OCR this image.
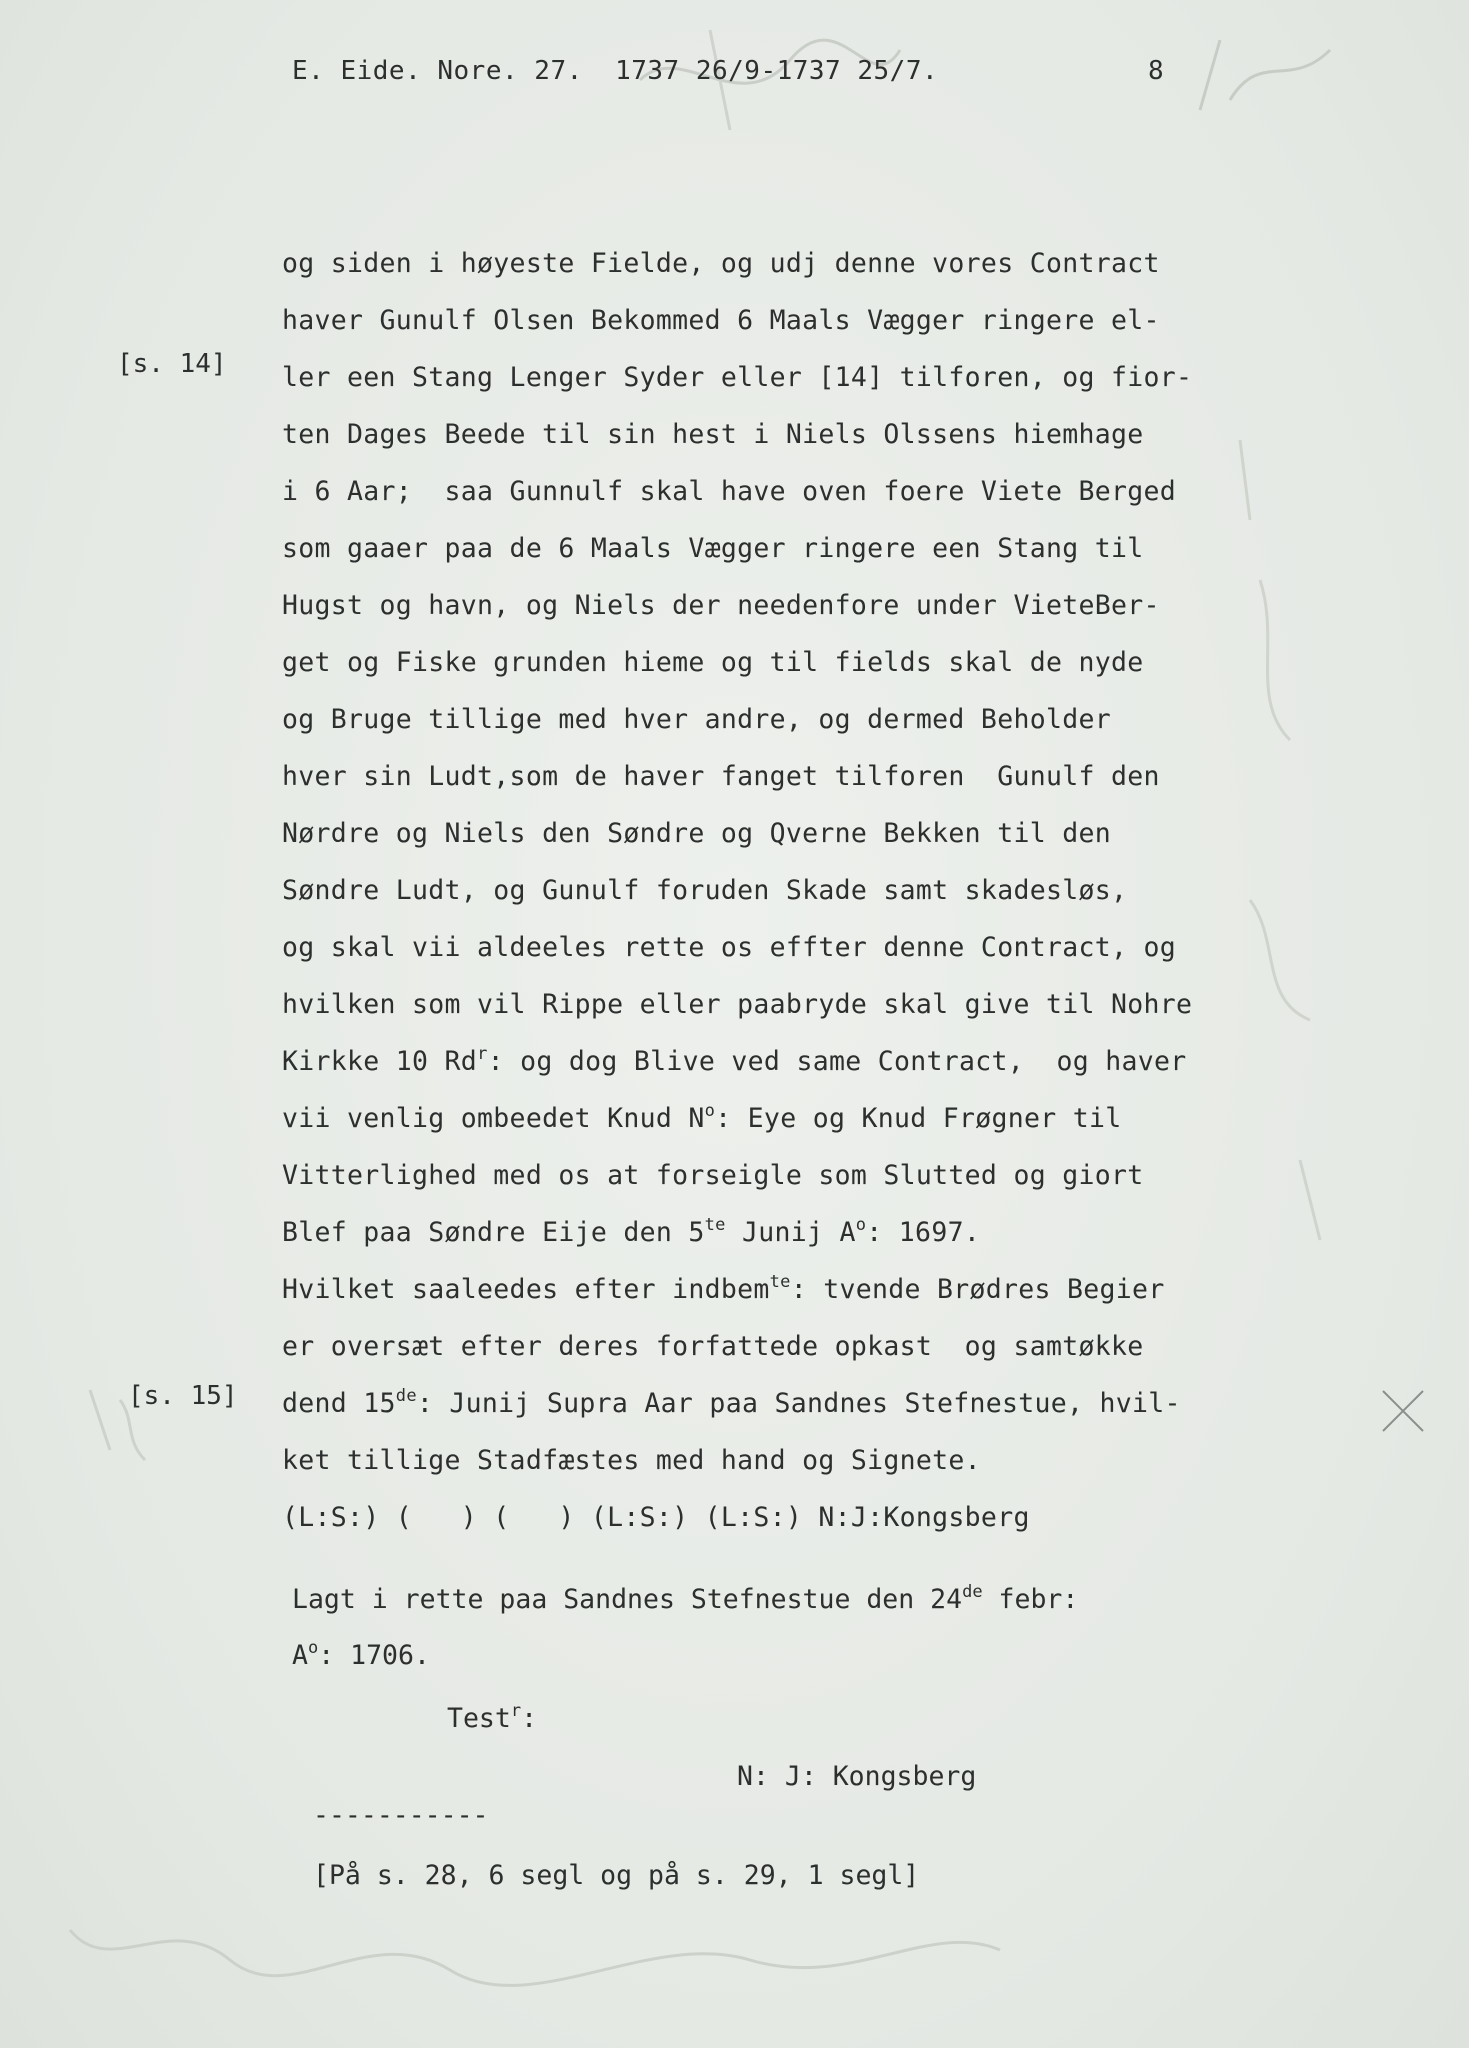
E. Eide. Nore. 27.  1737 26/9-1737 25/7.	8
[s. 14]
[s. 15]
og siden i høyeste Fielde, og udj denne vores Contract
haver Gunulf Olsen Bekommed 6 Maals Vægger ringere el-
ler een Stang Lenger Syder eller [14] tilforen, og fior-
ten Dages Beede til sin hest i Niels Olssens hiemhage
i 6 Aar;  saa Gunnulf skal have oven foere Viete Berged
som gaaer paa de 6 Maals Vægger ringere een Stang til
Hugst og havn, og Niels der needenfore under VieteBer-
get og Fiske grunden hieme og til fields skal de nyde
og Bruge tillige med hver andre, og dermed Beholder
hver sin Ludt,som de haver fanget tilforen  Gunulf den
Nørdre og Niels den Søndre og Qverne Bekken til den
Søndre Ludt, og Gunulf foruden Skade samt skadesløs,
og skal vii aldeeles rette os effter denne Contract, og
hvilken som vil Rippe eller paabryde skal give til Nohre
Kirkke 10 Rd$^r$: og dog Blive ved same Contract,  og haver
vii venlig ombeedet Knud $N^o$: Eye og Knud Frøgner til
Vitterlighed med os at forseigle som Slutted og giort
Blef paa Søndre Eije den $5^{te}$ Junij $A^o$: 1697.
Hvilket saaleedes efter indbem$^{te}$: tvende Brødres Begier
er oversæt efter deres forfattede opkast  og samtøkke
dend 15de: Junij Supra Aar paa Sandnes Stefnestue, hvil-
ket tillige Stadfæstes med hand og Signete.
(L:S:) (   ) (   ) (L:S:) (L:S:) N:J:Kongsberg
Lagt i rette paa Sandnes Stefnestue den 24de febr:
$A^o$: 1706.
Test$^r$:
N: J: Kongsberg
-----------
[På s. 28, 6 segl og på s. 29, 1 segl]
